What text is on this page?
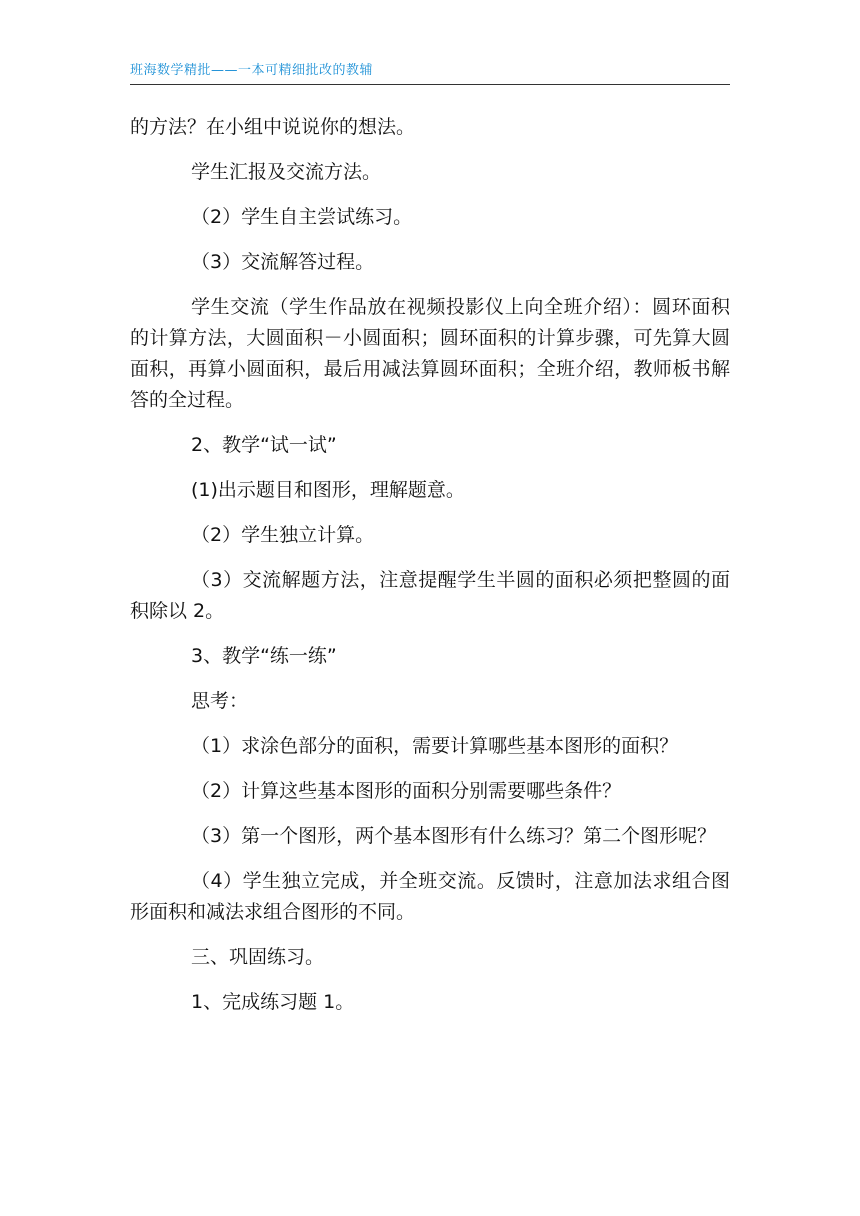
班海数学精批——一本可精细批改的教辅

的方法？在小组中说说你的想法。

学生汇报及交流方法。

（2）学生自主尝试练习。

（3）交流解答过程。

学生交流（学生作品放在视频投影仪上向全班介绍）：圆环面积的计算方法，大圆面积－小圆面积；圆环面积的计算步骤，可先算大圆面积，再算小圆面积，最后用减法算圆环面积；全班介绍，教师板书解答的全过程。

2、教学“试一试”

(1)出示题目和图形，理解题意。

（2）学生独立计算。

（3）交流解题方法，注意提醒学生半圆的面积必须把整圆的面积除以 2。

3、教学“练一练”

思考：

（1）求涂色部分的面积，需要计算哪些基本图形的面积？

（2）计算这些基本图形的面积分别需要哪些条件？

（3）第一个图形，两个基本图形有什么练习？第二个图形呢？

（4）学生独立完成，并全班交流。反馈时，注意加法求组合图形面积和减法求组合图形的不同。

三、巩固练习。

1、完成练习题 1。
